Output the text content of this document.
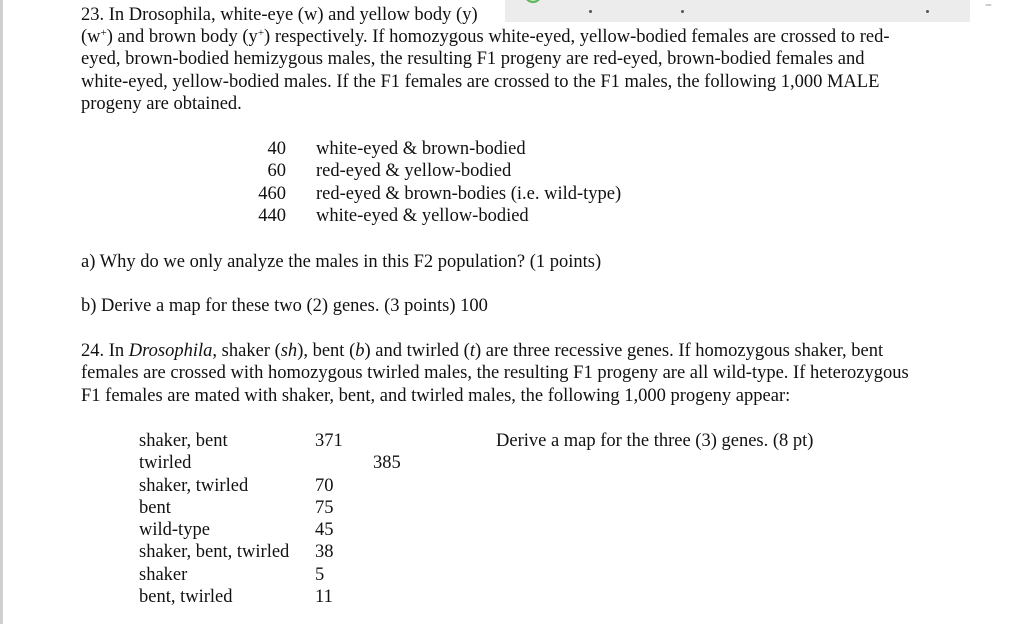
–

23. In Drosophila, white-eye (w) and yellow body (y)

(w+) and brown body (y+) respectively. If homozygous white-eyed, yellow-bodied females are crossed to red-

eyed, brown-bodied hemizygous males, the resulting F1 progeny are red-eyed, brown-bodied females and

white-eyed, yellow-bodied males. If the F1 females are crossed to the F1 males, the following 1,000 MALE

progeny are obtained.

40 white-eyed & brown-bodied
60 red-eyed & yellow-bodied
460 red-eyed & brown-bodies (i.e. wild-type)
440 white-eyed & yellow-bodied

a) Why do we only analyze the males in this F2 population? (1 points)

b) Derive a map for these two (2) genes. (3 points) 100

24. In Drosophila, shaker (sh), bent (b) and twirled (t) are three recessive genes. If homozygous shaker, bent

females are crossed with homozygous twirled males, the resulting F1 progeny are all wild-type. If heterozygous

F1 females are mated with shaker, bent, and twirled males, the following 1,000 progeny appear:

shaker, bent	371
twirled	385
shaker, twirled	70
bent	75
wild-type	45
shaker, bent, twirled 38
shaker	5
bent, twirled	11

Derive a map for the three (3) genes. (8 pt)
